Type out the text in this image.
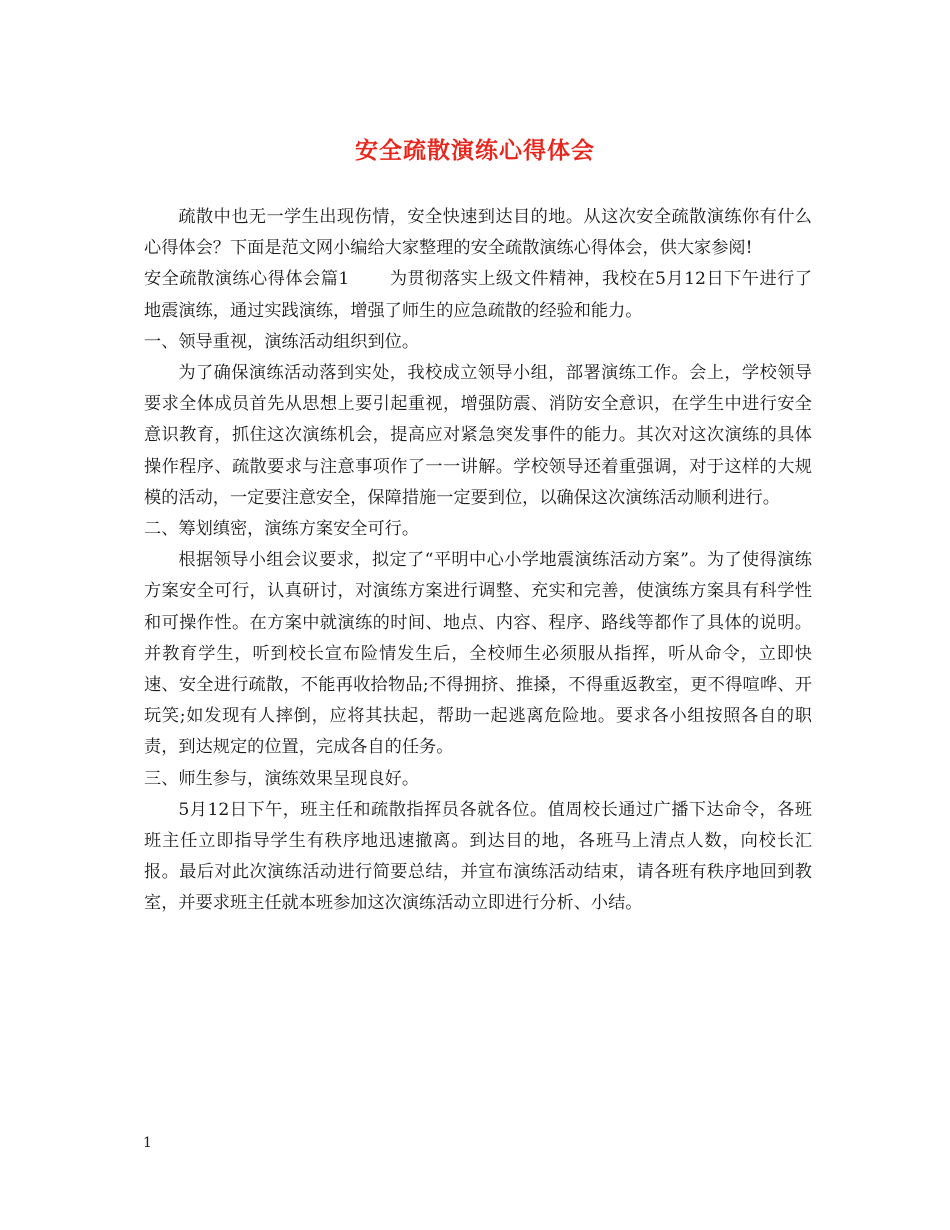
安全疏散演练心得体会

疏散中也无一学生出现伤情，安全快速到达目的地。从这次安全疏散演练你有什么心得体会？下面是范文网小编给大家整理的安全疏散演练心得体会，供大家参阅!

安全疏散演练心得体会篇1 为贯彻落实上级文件精神，我校在5月12日下午进行了地震演练，通过实践演练，增强了师生的应急疏散的经验和能力。

一、领导重视，演练活动组织到位。

为了确保演练活动落到实处，我校成立领导小组，部署演练工作。会上，学校领导要求全体成员首先从思想上要引起重视，增强防震、消防安全意识，在学生中进行安全意识教育，抓住这次演练机会，提高应对紧急突发事件的能力。其次对这次演练的具体操作程序、疏散要求与注意事项作了一一讲解。学校领导还着重强调，对于这样的大规模的活动，一定要注意安全，保障措施一定要到位，以确保这次演练活动顺利进行。

二、筹划缜密，演练方案安全可行。

根据领导小组会议要求，拟定了“平明中心小学地震演练活动方案”。为了使得演练方案安全可行，认真研讨，对演练方案进行调整、充实和完善，使演练方案具有科学性和可操作性。在方案中就演练的时间、地点、内容、程序、路线等都作了具体的说明。并教育学生，听到校长宣布险情发生后，全校师生必须服从指挥，听从命令，立即快速、安全进行疏散，不能再收拾物品;不得拥挤、推搡，不得重返教室，更不得喧哗、开玩笑;如发现有人摔倒，应将其扶起，帮助一起逃离危险地。要求各小组按照各自的职责，到达规定的位置，完成各自的任务。

三、师生参与，演练效果呈现良好。

5月12日下午，班主任和疏散指挥员各就各位。值周校长通过广播下达命令，各班班主任立即指导学生有秩序地迅速撤离。到达目的地，各班马上清点人数，向校长汇报。最后对此次演练活动进行简要总结，并宣布演练活动结束，请各班有秩序地回到教室，并要求班主任就本班参加这次演练活动立即进行分析、小结。

1
